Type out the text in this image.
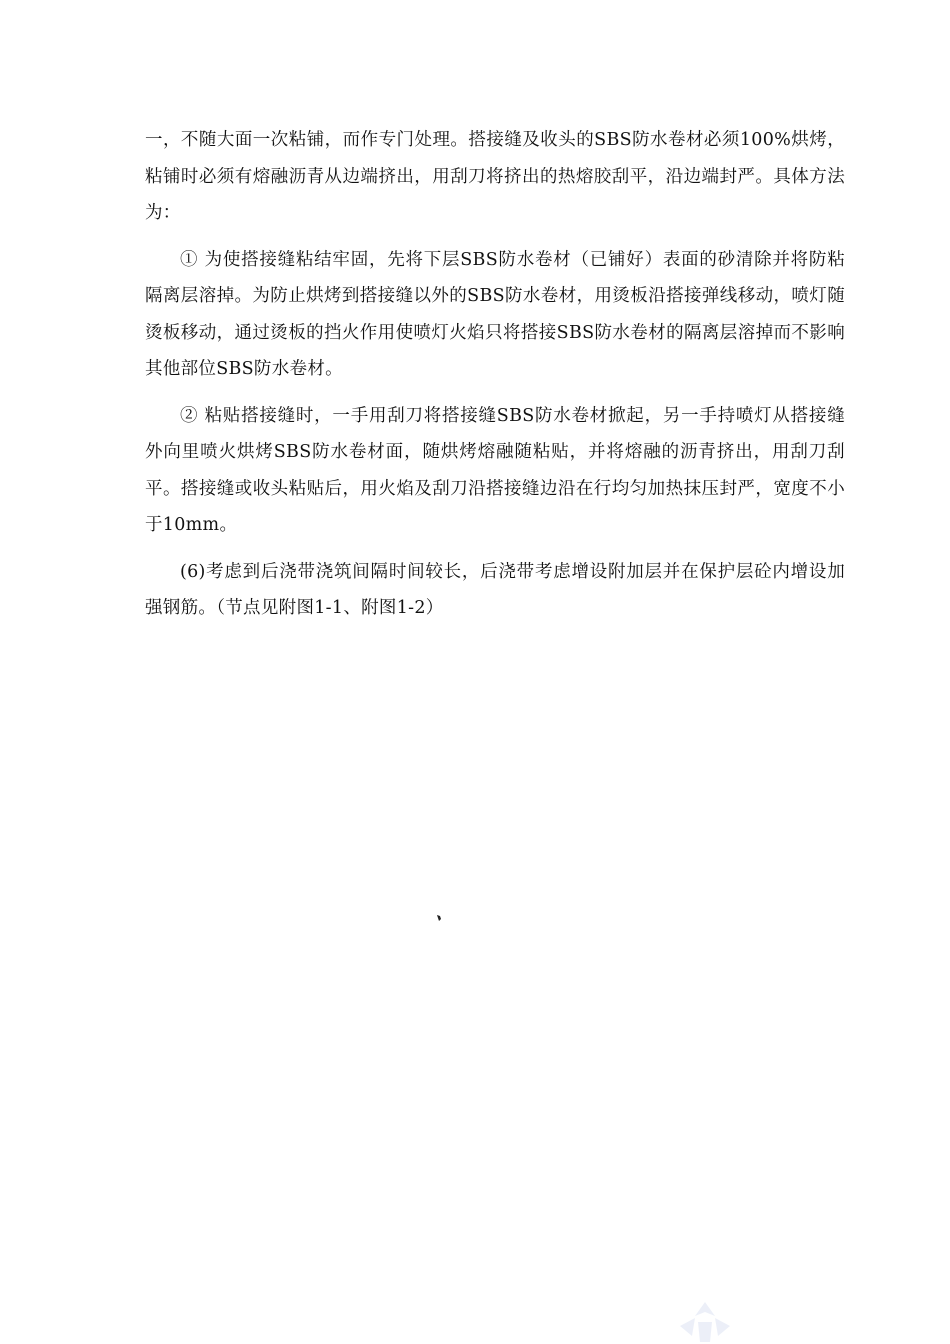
一，不随大面一次粘铺，而作专门处理。搭接缝及收头的SBS防水卷材必须100%烘烤，粘铺时必须有熔融沥青从边端挤出，用刮刀将挤出的热熔胶刮平，沿边端封严。具体方法为：

① 为使搭接缝粘结牢固，先将下层SBS防水卷材（已铺好）表面的砂清除并将防粘隔离层溶掉。为防止烘烤到搭接缝以外的SBS防水卷材，用烫板沿搭接弹线移动，喷灯随烫板移动，通过烫板的挡火作用使喷灯火焰只将搭接SBS防水卷材的隔离层溶掉而不影响其他部位SBS防水卷材。

② 粘贴搭接缝时，一手用刮刀将搭接缝SBS防水卷材掀起，另一手持喷灯从搭接缝外向里喷火烘烤SBS防水卷材面，随烘烤熔融随粘贴，并将熔融的沥青挤出，用刮刀刮平。搭接缝或收头粘贴后，用火焰及刮刀沿搭接缝边沿在行均匀加热抹压封严，宽度不小于10mm。

(6)考虑到后浇带浇筑间隔时间较长，后浇带考虑增设附加层并在保护层砼内增设加强钢筋。（节点见附图1-1、附图1-2）
